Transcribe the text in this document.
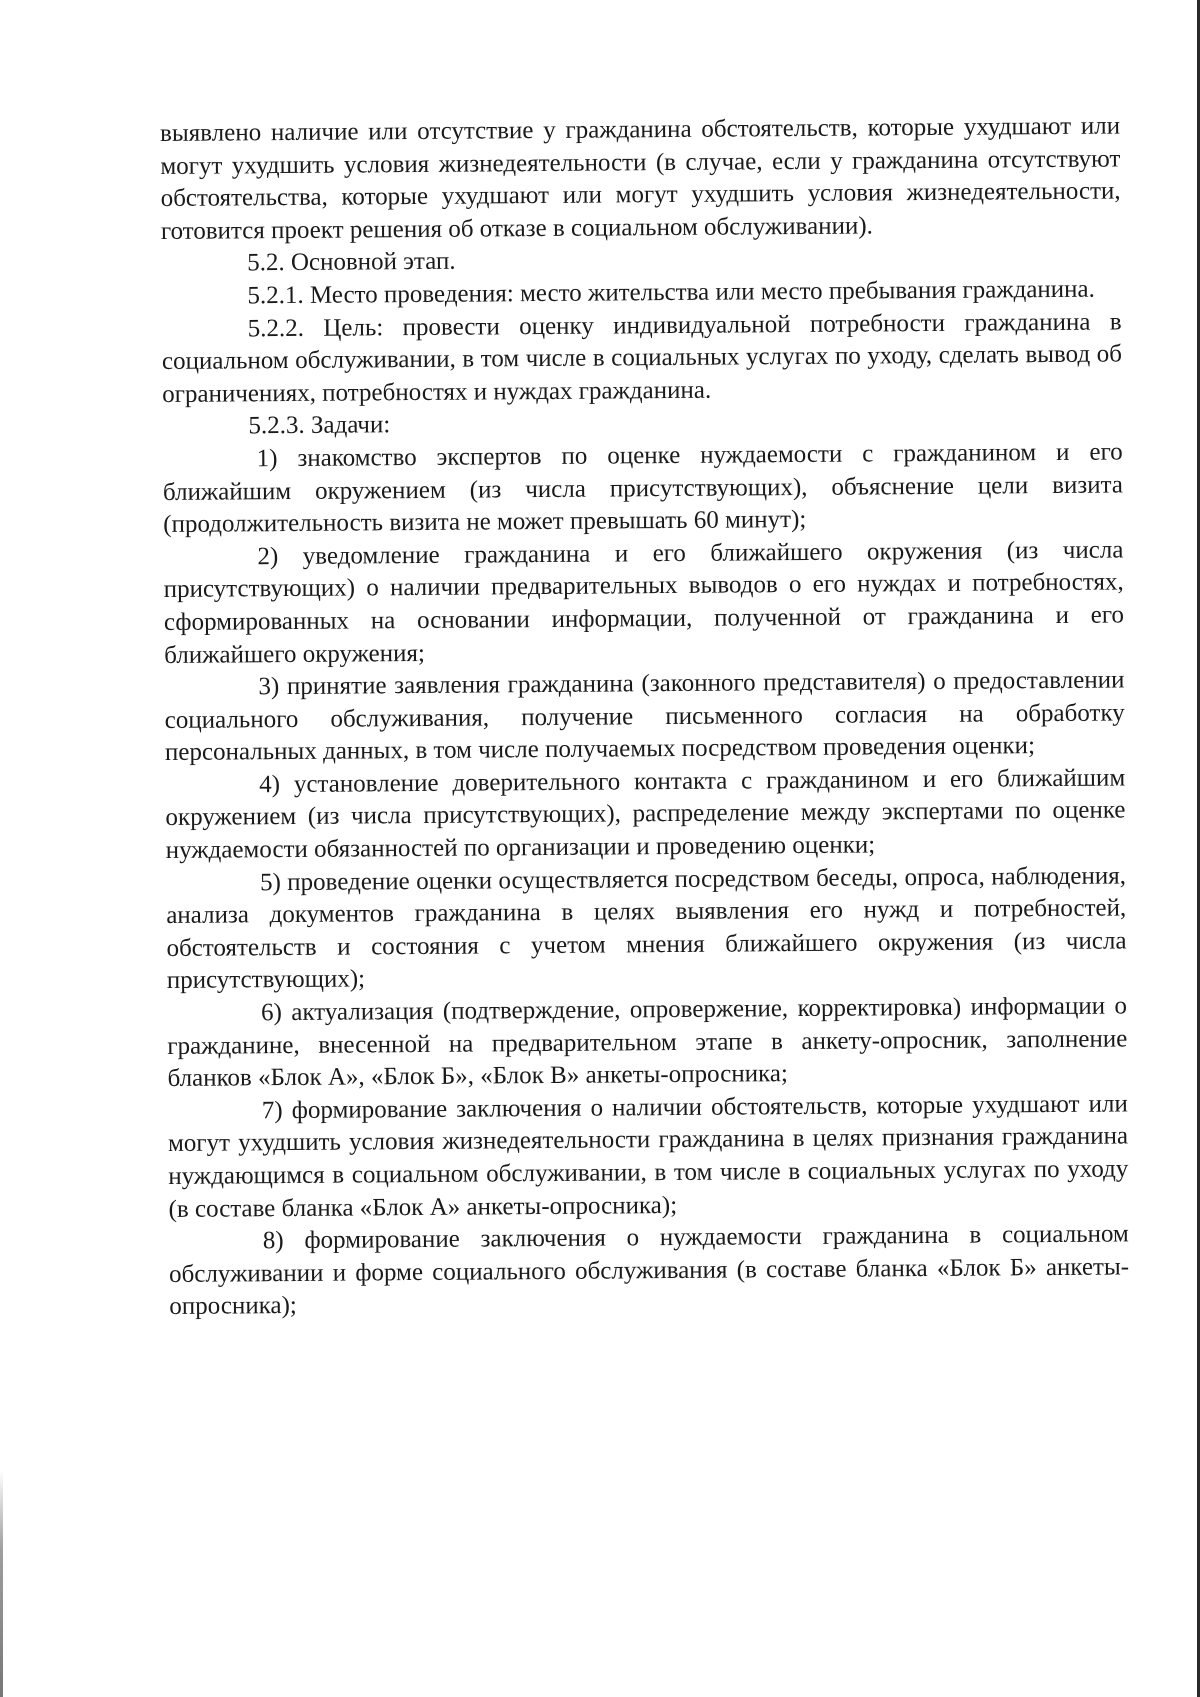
выявлено наличие или отсутствие у гражданина обстоятельств, которые ухудшают или могут ухудшить условия жизнедеятельности (в случае, если у гражданина отсутствуют обстоятельства, которые ухудшают или могут ухудшить условия жизнедеятельности, готовится проект решения об отказе в социальном обслуживании).

5.2. Основной этап.

5.2.1. Место проведения: место жительства или место пребывания гражданина.

5.2.2. Цель: провести оценку индивидуальной потребности гражданина в социальном обслуживании, в том числе в социальных услугах по уходу, сделать вывод об ограничениях, потребностях и нуждах гражданина.

5.2.3. Задачи:

1) знакомство экспертов по оценке нуждаемости с гражданином и его ближайшим окружением (из числа присутствующих), объяснение цели визита (продолжительность визита не может превышать 60 минут);

2) уведомление гражданина и его ближайшего окружения (из числа присутствующих) о наличии предварительных выводов о его нуждах и потребностях, сформированных на основании информации, полученной от гражданина и его ближайшего окружения;

3) принятие заявления гражданина (законного представителя) о предоставлении социального обслуживания, получение письменного согласия на обработку персональных данных, в том числе получаемых посредством проведения оценки;

4) установление доверительного контакта с гражданином и его ближайшим окружением (из числа присутствующих), распределение между экспертами по оценке нуждаемости обязанностей по организации и проведению оценки;

5) проведение оценки осуществляется посредством беседы, опроса, наблюдения, анализа документов гражданина в целях выявления его нужд и потребностей, обстоятельств и состояния с учетом мнения ближайшего окружения (из числа присутствующих);

6) актуализация (подтверждение, опровержение, корректировка) информации о гражданине, внесенной на предварительном этапе в анкету-опросник, заполнение бланков «Блок А», «Блок Б», «Блок В» анкеты-опросника;

7) формирование заключения о наличии обстоятельств, которые ухудшают или могут ухудшить условия жизнедеятельности гражданина в целях признания гражданина нуждающимся в социальном обслуживании, в том числе в социальных услугах по уходу (в составе бланка «Блок А» анкеты-опросника);

8) формирование заключения о нуждаемости гражданина в социальном обслуживании и форме социального обслуживания (в составе бланка «Блок Б» анкеты-опросника);
